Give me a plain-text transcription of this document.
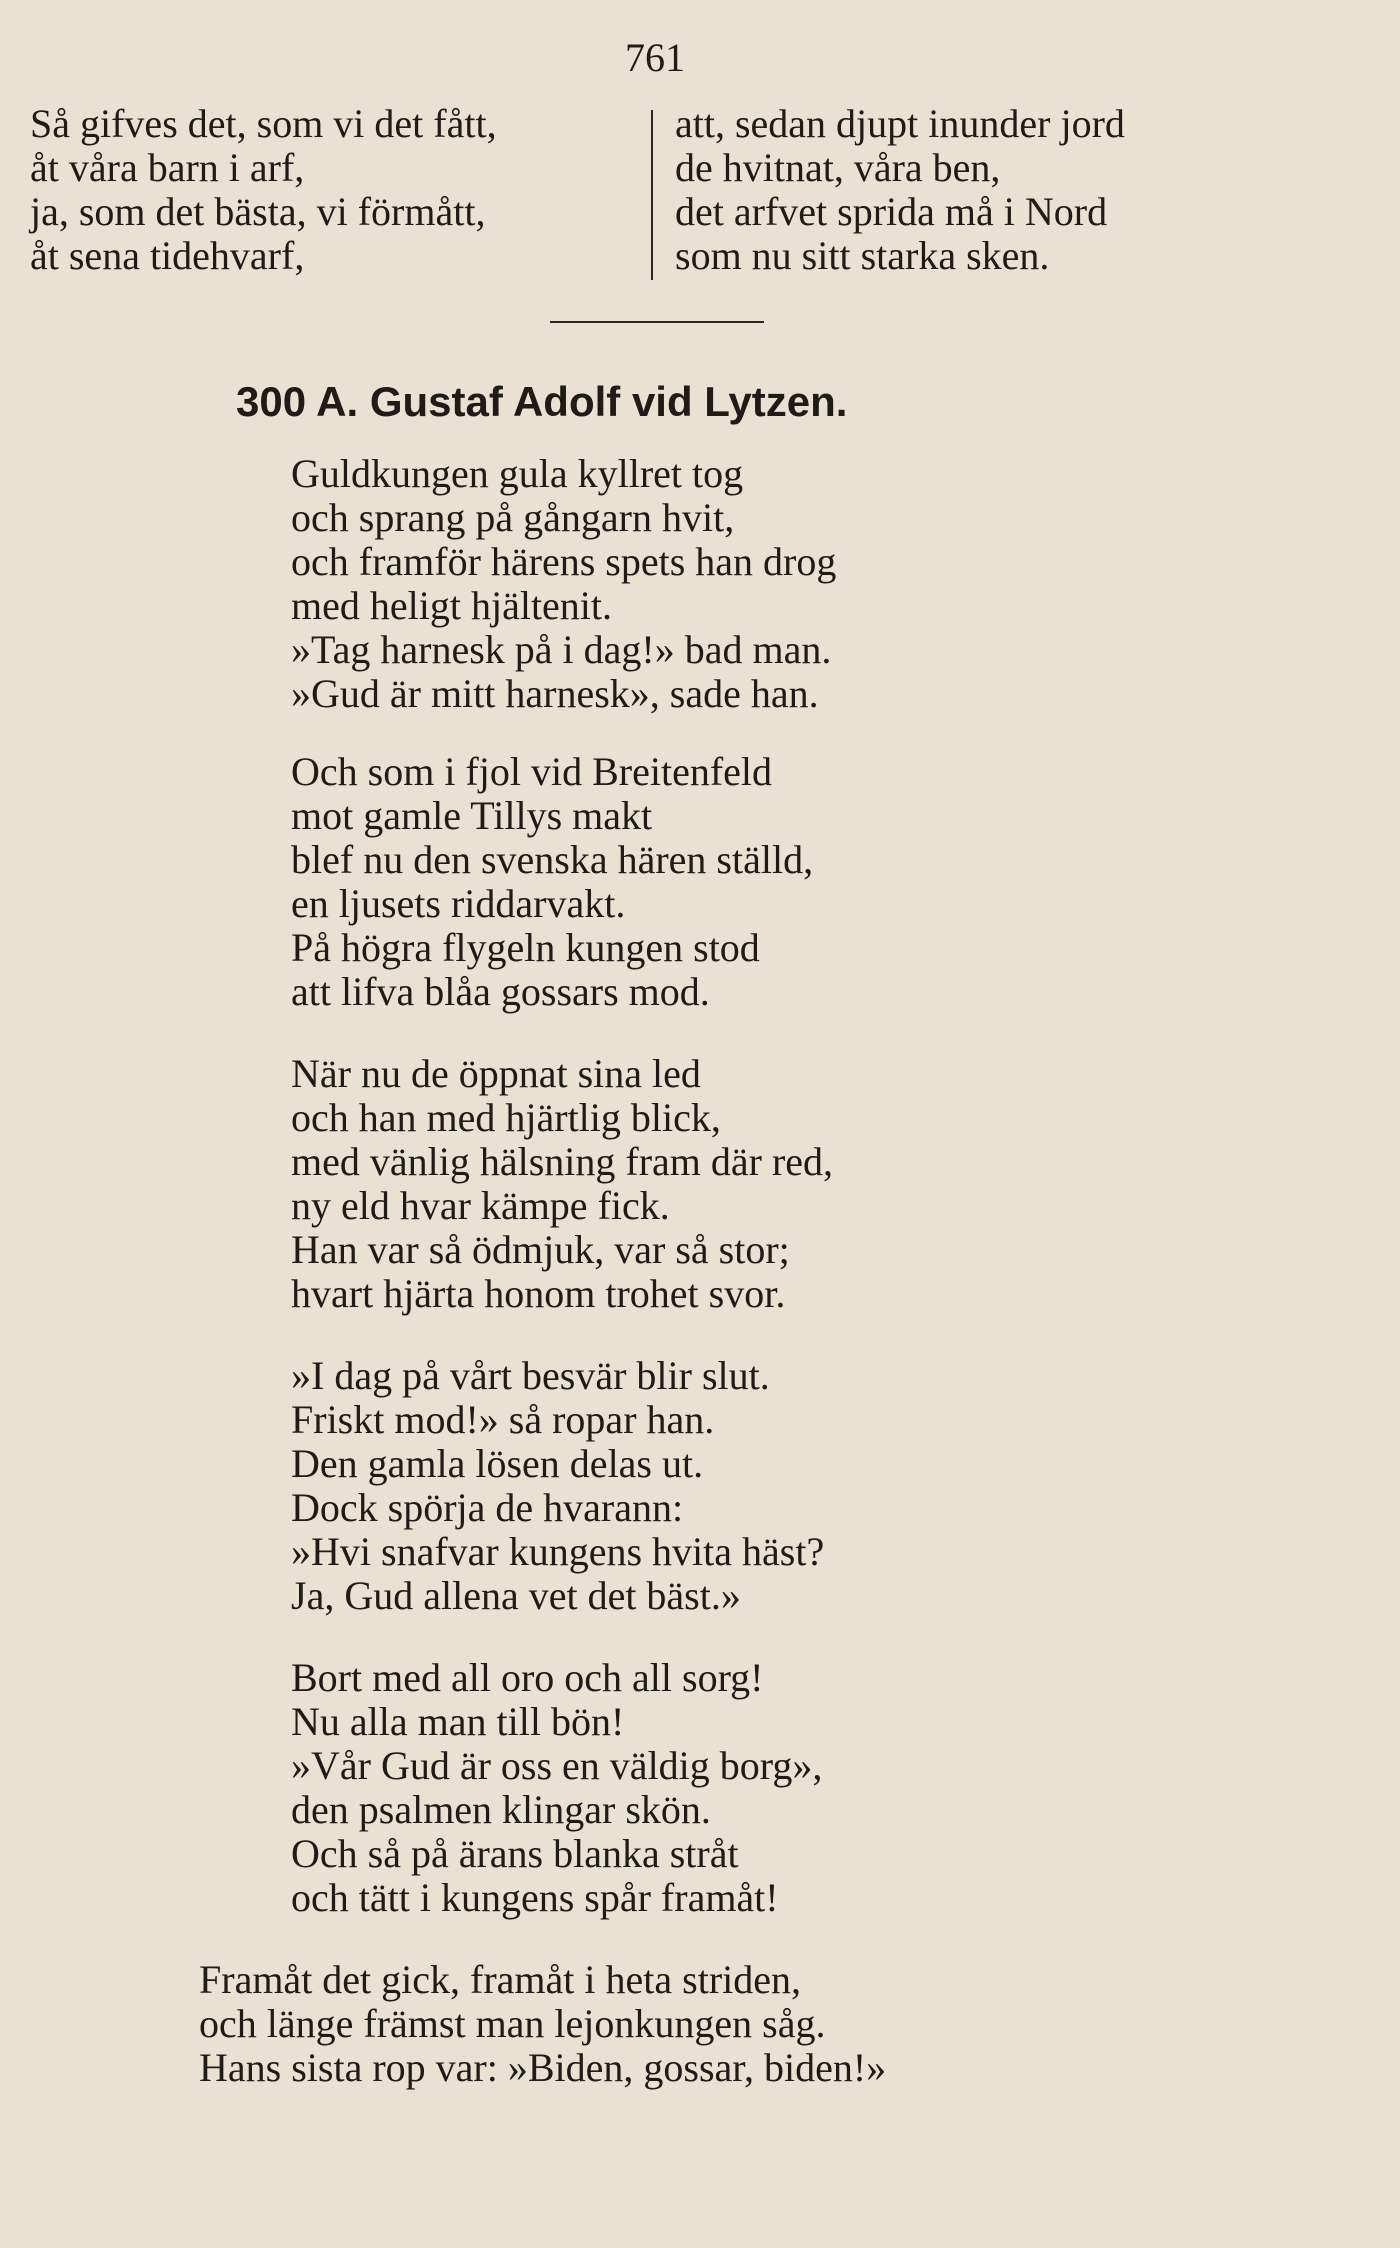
761
Så gifves det, som vi det fått,
åt våra barn i arf,
ja, som det bästa, vi förmått,
åt sena tidehvarf,
att, sedan djupt inunder jord
de hvitnat, våra ben,
det arfvet sprida må i Nord
som nu sitt starka sken.
300 A. Gustaf Adolf vid Lytzen.
Guldkungen gula kyllret tog
och sprang på gångarn hvit,
och framför härens spets han drog
med heligt hjältenit.
»Tag harnesk på i dag!» bad man.
»Gud är mitt harnesk», sade han.
Och som i fjol vid Breitenfeld
mot gamle Tillys makt
blef nu den svenska hären ställd,
en ljusets riddarvakt.
På högra flygeln kungen stod
att lifva blåa gossars mod.
När nu de öppnat sina led
och han med hjärtlig blick,
med vänlig hälsning fram där red,
ny eld hvar kämpe fick.
Han var så ödmjuk, var så stor;
hvart hjärta honom trohet svor.
»I dag på vårt besvär blir slut.
Friskt mod!» så ropar han.
Den gamla lösen delas ut.
Dock spörja de hvarann:
»Hvi snafvar kungens hvita häst?
Ja, Gud allena vet det bäst.»
Bort med all oro och all sorg!
Nu alla man till bön!
»Vår Gud är oss en väldig borg»,
den psalmen klingar skön.
Och så på ärans blanka stråt
och tätt i kungens spår framåt!
Framåt det gick, framåt i heta striden,
och länge främst man lejonkungen såg.
Hans sista rop var: »Biden, gossar, biden!»
